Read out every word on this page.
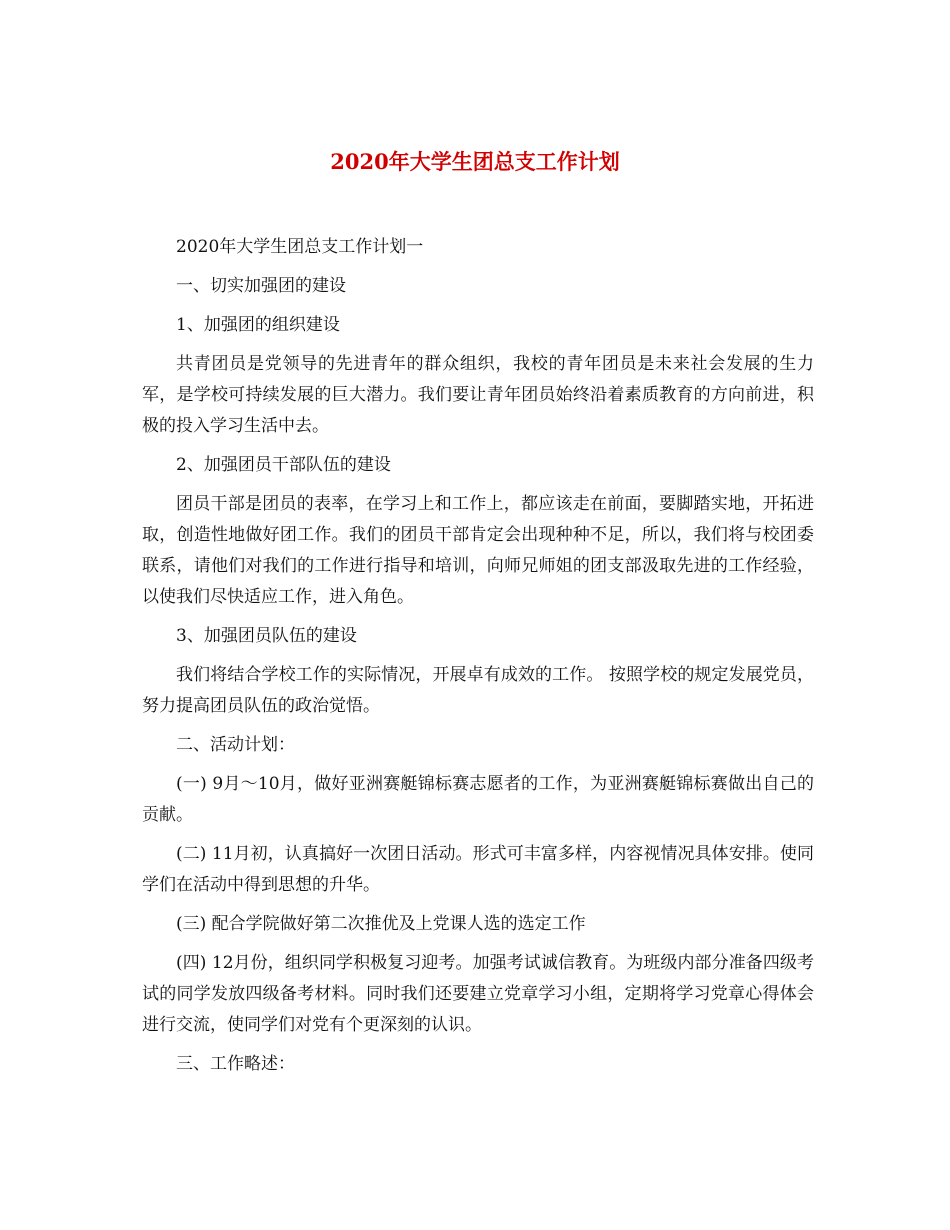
2020年大学生团总支工作计划

2020年大学生团总支工作计划一

一、切实加强团的建设

1、加强团的组织建设

共青团员是党领导的先进青年的群众组织，我校的青年团员是未来社会发展的生力军，是学校可持续发展的巨大潜力。我们要让青年团员始终沿着素质教育的方向前进，积极的投入学习生活中去。

2、加强团员干部队伍的建设

团员干部是团员的表率，在学习上和工作上，都应该走在前面，要脚踏实地，开拓进取，创造性地做好团工作。我们的团员干部肯定会出现种种不足，所以，我们将与校团委联系，请他们对我们的工作进行指导和培训，向师兄师姐的团支部汲取先进的工作经验，以使我们尽快适应工作，进入角色。

3、加强团员队伍的建设

我们将结合学校工作的实际情况，开展卓有成效的工作。 按照学校的规定发展党员，努力提高团员队伍的政治觉悟。

二、活动计划：

(一) 9月～10月，做好亚洲赛艇锦标赛志愿者的工作，为亚洲赛艇锦标赛做出自己的贡献。

(二) 11月初，认真搞好一次团日活动。形式可丰富多样，内容视情况具体安排。使同学们在活动中得到思想的升华。

(三) 配合学院做好第二次推优及上党课人选的选定工作

(四) 12月份，组织同学积极复习迎考。加强考试诚信教育。为班级内部分准备四级考试的同学发放四级备考材料。同时我们还要建立党章学习小组，定期将学习党章心得体会进行交流，使同学们对党有个更深刻的认识。

三、工作略述：
